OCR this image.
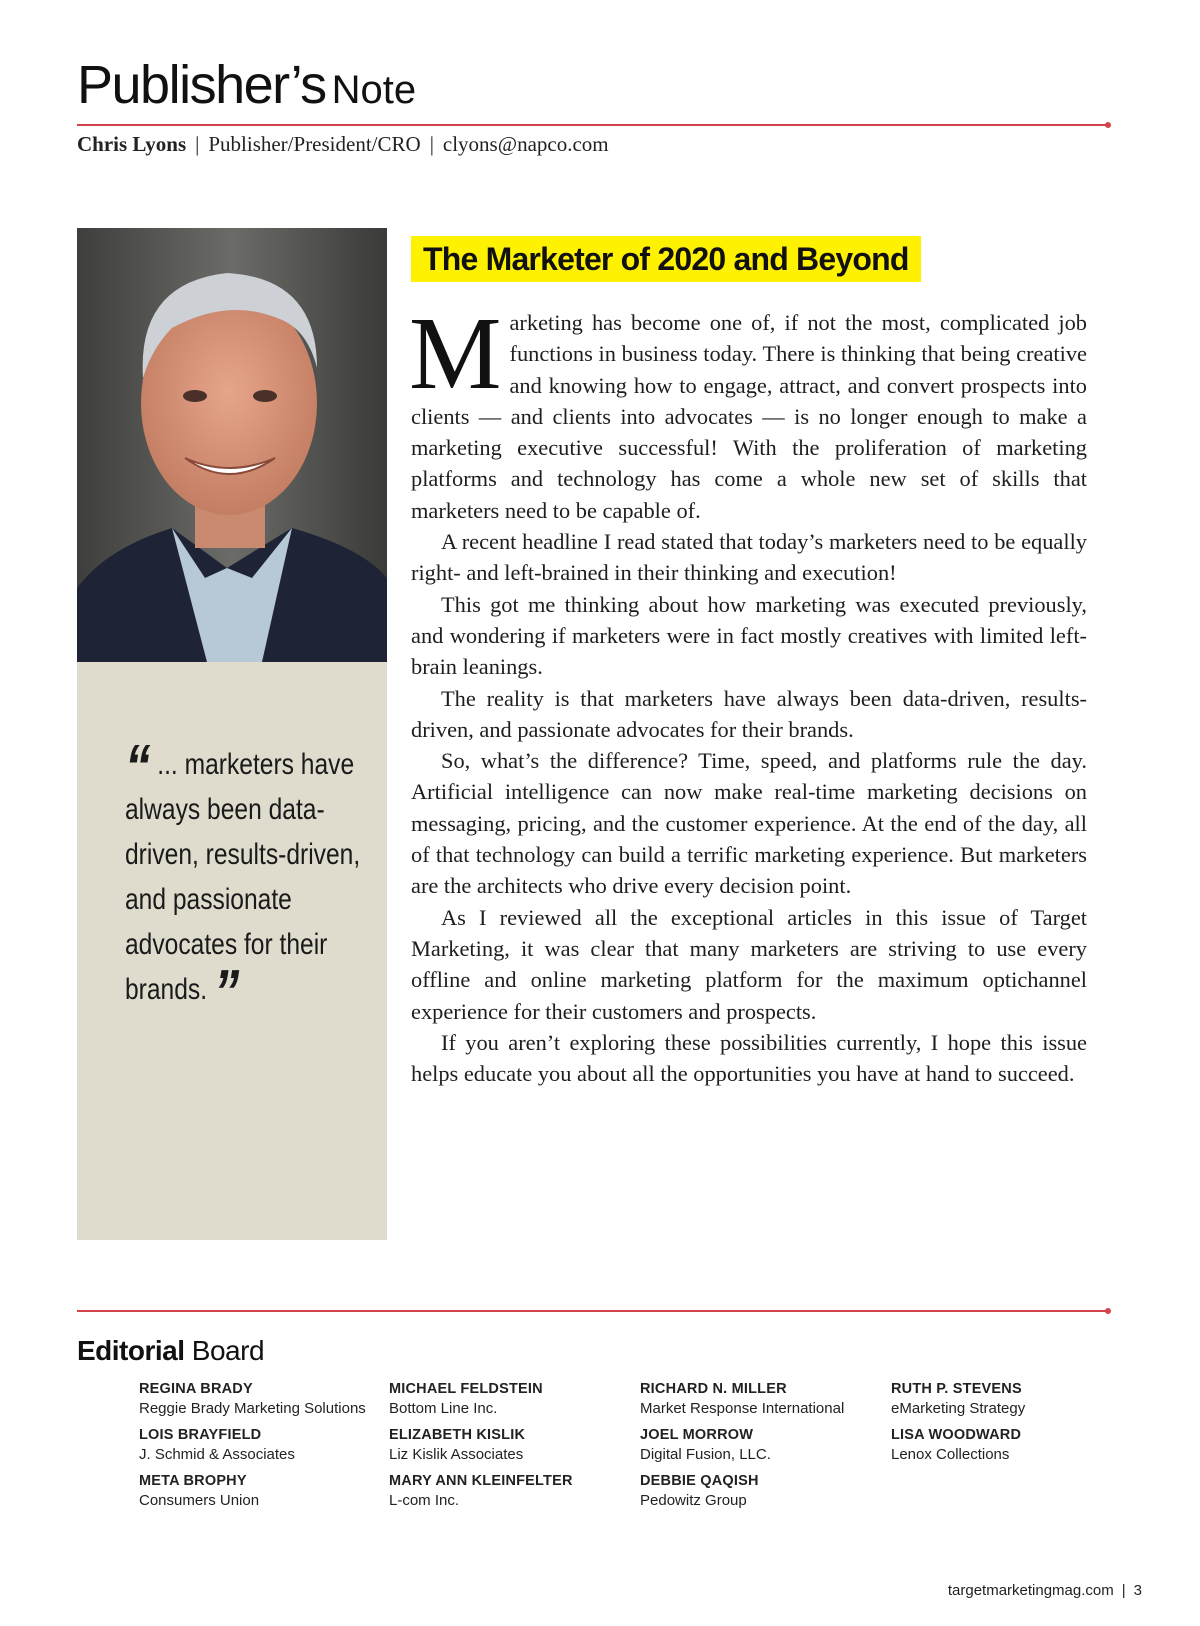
Publisher’s Note
Chris Lyons | Publisher/President/CRO | clyons@napco.com
“ ... marketers have always been data-driven, results-driven, and passionate advocates for their brands. ”
The Marketer of 2020 and Beyond

Marketing has become one of, if not the most, complicated job functions in business today. There is thinking that being creative and knowing how to engage, attract, and convert prospects into clients — and clients into advocates — is no longer enough to make a marketing executive successful! With the proliferation of marketing platforms and technology has come a whole new set of skills that marketers need to be capable of.

A recent headline I read stated that today’s marketers need to be equally right- and left-brained in their thinking and execution!

This got me thinking about how marketing was executed previously, and wondering if marketers were in fact mostly creatives with limited left-brain leanings.

The reality is that marketers have always been data-driven, results-driven, and passionate advocates for their brands.

So, what’s the difference? Time, speed, and platforms rule the day. Artificial intelligence can now make real-time marketing decisions on messaging, pricing, and the customer experience. At the end of the day, all of that technology can build a terrific marketing experience. But marketers are the architects who drive every decision point.

As I reviewed all the exceptional articles in this issue of Target Marketing, it was clear that many marketers are striving to use every offline and online marketing platform for the maximum optichannel experience for their customers and prospects.

If you aren’t exploring these possibilities currently, I hope this issue helps educate you about all the opportunities you have at hand to succeed.

Editorial Board
REGINA BRADY
Reggie Brady Marketing Solutions
LOIS BRAYFIELD
J. Schmid & Associates
META BROPHY
Consumers Union
MICHAEL FELDSTEIN
Bottom Line Inc.
ELIZABETH KISLIK
Liz Kislik Associates
MARY ANN KLEINFELTER
L-com Inc.
RICHARD N. MILLER
Market Response International
JOEL MORROW
Digital Fusion, LLC.
DEBBIE QAQISH
Pedowitz Group
RUTH P. STEVENS
eMarketing Strategy
LISA WOODWARD
Lenox Collections
targetmarketingmag.com | 3
